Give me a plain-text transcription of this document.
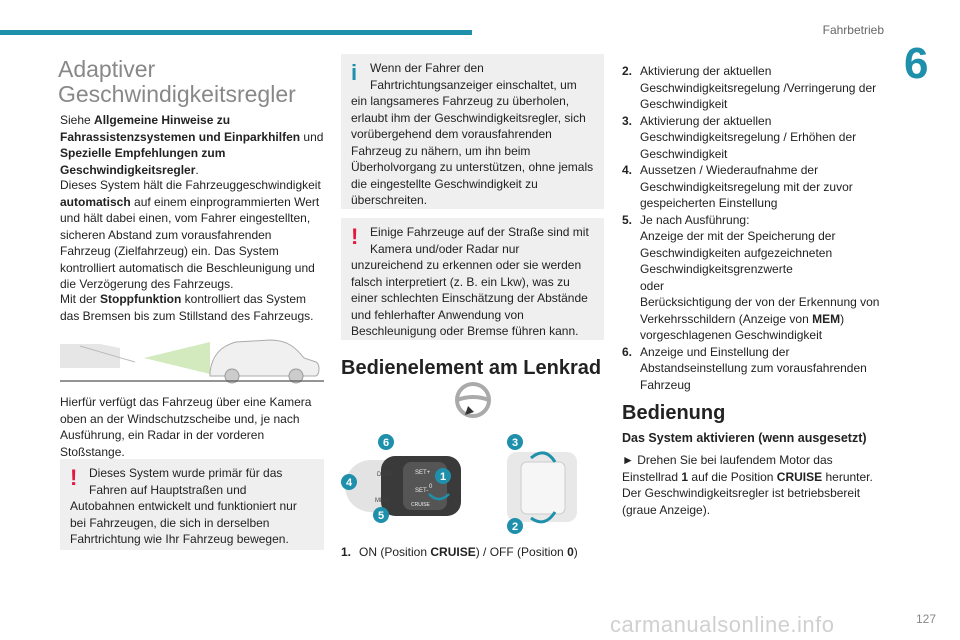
Fahrbetrieb
6
Adaptiver
Geschwindigkeitsregler

Siehe Allgemeine Hinweise zu Fahrassistenzsystemen und Einparkhilfen und Spezielle Empfehlungen zum Geschwindigkeitsregler.

Dieses System hält die Fahrzeuggeschwindigkeit automatisch auf einem einprogrammierten Wert und hält dabei einen, vom Fahrer eingestellten, sicheren Abstand zum vorausfahrenden Fahrzeug (Zielfahrzeug) ein. Das System kontrolliert automatisch die Beschleunigung und die Verzögerung des Fahrzeugs.

Mit der Stoppfunktion kontrolliert das System das Bremsen bis zum Stillstand des Fahrzeugs.

Hierfür verfügt das Fahrzeug über eine Kamera oben an der Windschutzscheibe und, je nach Ausführung, ein Radar in der vorderen Stoßstange.

! Dieses System wurde primär für das Fahren auf Hauptstraßen und
Autobahnen entwickelt und funktioniert nur bei Fahrzeugen, die sich in derselben Fahrtrichtung wie Ihr Fahrzeug bewegen.
i	Wenn der Fahrer den Fahrtrichtungsanzeiger einschaltet, um
ein langsameres Fahrzeug zu überholen, erlaubt ihm der Geschwindigkeitsregler, sich vorübergehend dem vorausfahrenden Fahrzeug zu nähern, um ihn beim Überholvorgang zu unterstützen, ohne jemals die eingestellte Geschwindigkeit zu überschreiten.
! Einige Fahrzeuge auf der Straße sind mit Kamera und/oder Radar nur
unzureichend zu erkennen oder sie werden falsch interpretiert (z. B. ein Lkw), was zu einer schlechten Einschätzung der Abstände und fehlerhafter Anwendung von Beschleunigung oder Bremse führen kann.
Bedienelement am Lenkrad
DLAP	SET+
SET-
CRUISE
MEM
0
6
4
5
1
3
2
1. ON (Position CRUISE) / OFF (Position 0)
2. Aktivierung der aktuellen Geschwindigkeitsregelung /Verringerung der Geschwindigkeit
3. Aktivierung der aktuellen Geschwindigkeitsregelung / Erhöhen der Geschwindigkeit
4. Aussetzen / Wiederaufnahme der Geschwindigkeitsregelung mit der zuvor gespeicherten Einstellung
5. Je nach Ausführung:
Anzeige der mit der Speicherung der Geschwindigkeiten aufgezeichneten Geschwindigkeitsgrenzwerte
oder
Berücksichtigung der von der Erkennung von Verkehrsschildern (Anzeige von MEM) vorgeschlagenen Geschwindigkeit
6. Anzeige und Einstellung der Abstandseinstellung zum vorausfahrenden Fahrzeug
Bedienung
Das System aktivieren (wenn ausgesetzt)

► Drehen Sie bei laufendem Motor das Einstellrad 1 auf die Position CRUISE herunter. Der Geschwindigkeitsregler ist betriebsbereit (graue Anzeige).

carmanualsonline.info	127
